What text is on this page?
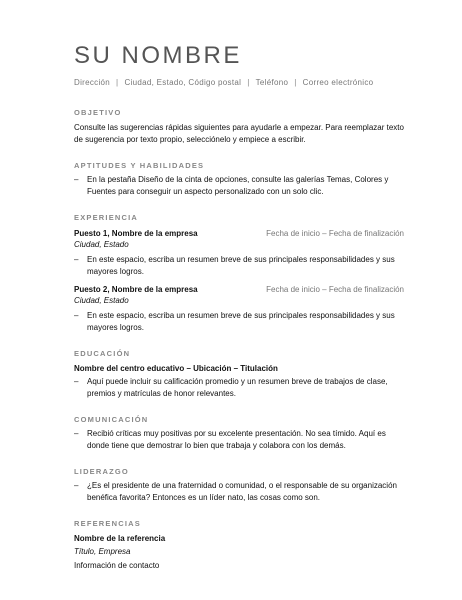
SU NOMBRE
Dirección | Ciudad, Estado, Código postal | Teléfono | Correo electrónico
OBJETIVO
Consulte las sugerencias rápidas siguientes para ayudarle a empezar. Para reemplazar texto de sugerencia por texto propio, selecciónelo y empiece a escribir.
APTITUDES Y HABILIDADES
– En la pestaña Diseño de la cinta de opciones, consulte las galerías Temas, Colores y Fuentes para conseguir un aspecto personalizado con un solo clic.
EXPERIENCIA
Puesto 1, Nombre de la empresa	Fecha de inicio – Fecha de finalización
Ciudad, Estado
– En este espacio, escriba un resumen breve de sus principales responsabilidades y sus mayores logros.
Puesto 2, Nombre de la empresa	Fecha de inicio – Fecha de finalización
Ciudad, Estado
– En este espacio, escriba un resumen breve de sus principales responsabilidades y sus mayores logros.
EDUCACIÓN
Nombre del centro educativo – Ubicación – Titulación
– Aquí puede incluir su calificación promedio y un resumen breve de trabajos de clase, premios y matrículas de honor relevantes.
COMUNICACIÓN
– Recibió críticas muy positivas por su excelente presentación. No sea tímido. Aquí es donde tiene que demostrar lo bien que trabaja y colabora con los demás.
LIDERAZGO
– ¿Es el presidente de una fraternidad o comunidad, o el responsable de su organización benéfica favorita? Entonces es un líder nato, las cosas como son.
REFERENCIAS
Nombre de la referencia
Título, Empresa
Información de contacto
